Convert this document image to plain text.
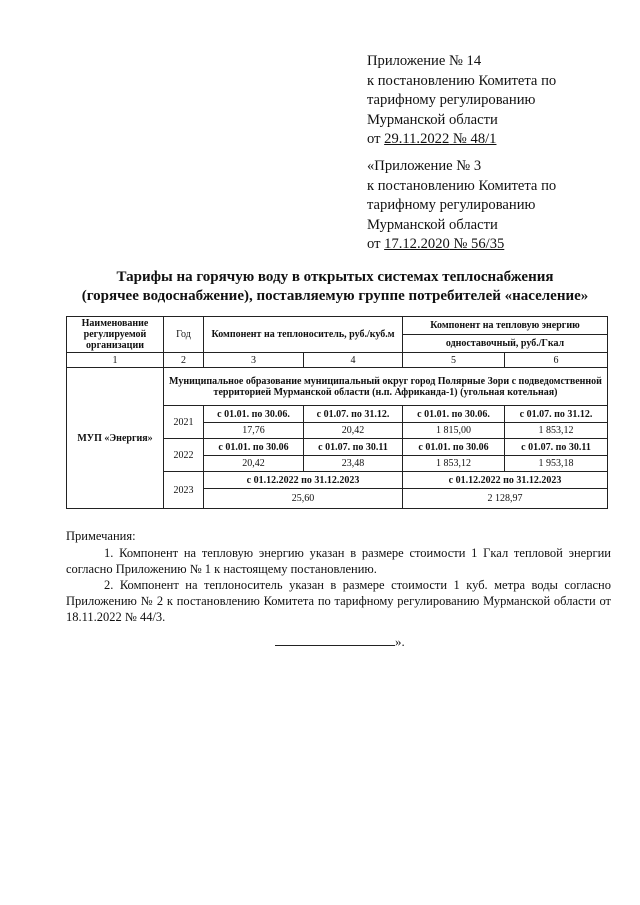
Приложение № 14
к постановлению Комитета по
тарифному регулированию
Мурманской области
от 29.11.2022 № 48/1
«Приложение № 3
к постановлению Комитета по
тарифному регулированию
Мурманской области
от 17.12.2020 № 56/35
Тарифы на горячую воду в открытых системах теплоснабжения
(горячее водоснабжение), поставляемую группе потребителей «население»
Наименование регулируемой организации	Год	Компонент на теплоноситель, руб./куб.м		Компонент на тепловую энергию	
				одноставочный, руб./Гкал	
1	2	3	4	5	6
МУП «Энергия»	Муниципальное образование муниципальный округ город Полярные Зори с подведомственной территорией Мурманской области (н.п. Африканда-1) (угольная котельная)				
	2021	с 01.01. по 30.06.	с 01.07. по 31.12.	с 01.01. по 30.06.	с 01.07. по 31.12.
		17,76	20,42	1 815,00	1 853,12
	2022	с 01.01. по 30.06	с 01.07. по 30.11	с 01.01. по 30.06	с 01.07. по 30.11
		20,42	23,48	1 853,12	1 953,18
	2023	с 01.12.2022 по 31.12.2023		с 01.12.2022 по 31.12.2023	
		25,60		2 128,97	
Примечания:
1. Компонент на тепловую энергию указан в размере стоимости 1 Гкал тепловой энергии согласно Приложению № 1 к настоящему постановлению.
2. Компонент на теплоноситель указан в размере стоимости 1 куб. метра воды согласно Приложению № 2 к постановлению Комитета по тарифному регулированию Мурманской области от 18.11.2022 № 44/3.
».
